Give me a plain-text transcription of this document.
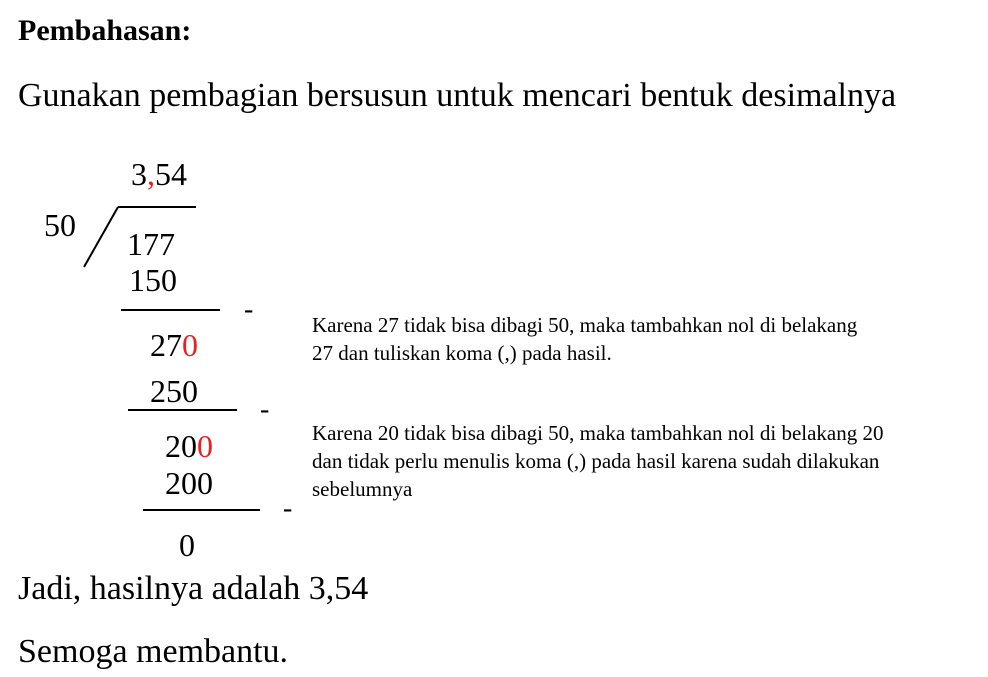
Pembahasan:
Gunakan pembagian bersusun untuk mencari bentuk desimalnya
3,54
50
177
150
-
270
250
-
200
200
-
0
Karena 27 tidak bisa dibagi 50, maka tambahkan nol di belakang 27 dan tuliskan koma (,) pada hasil.
Karena 20 tidak bisa dibagi 50, maka tambahkan nol di belakang 20 dan tidak perlu menulis koma (,) pada hasil karena sudah dilakukan sebelumnya
Jadi, hasilnya adalah 3,54
Semoga membantu.
